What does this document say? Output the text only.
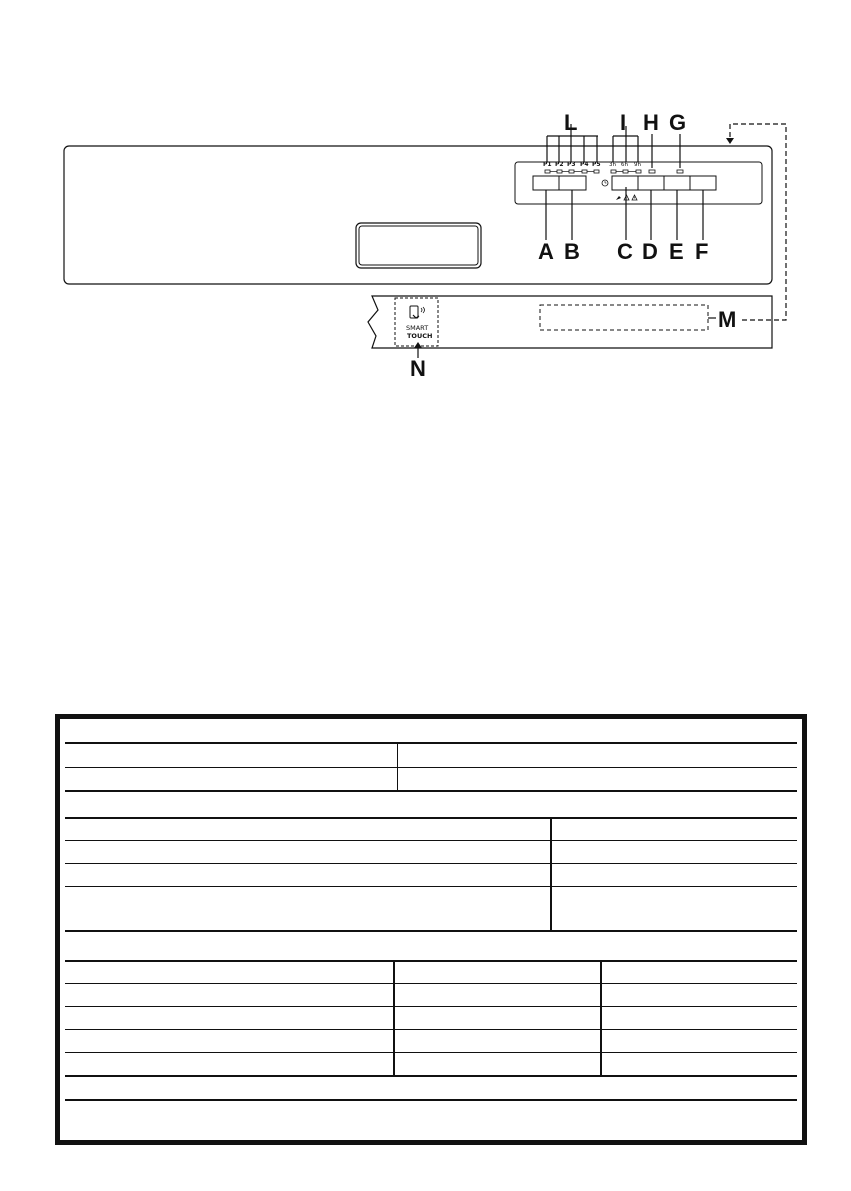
P1 P2 P3 P4 P5 3h 6h 9h
L I H G
A B C D E F
M
SMART
TOUCH
N
